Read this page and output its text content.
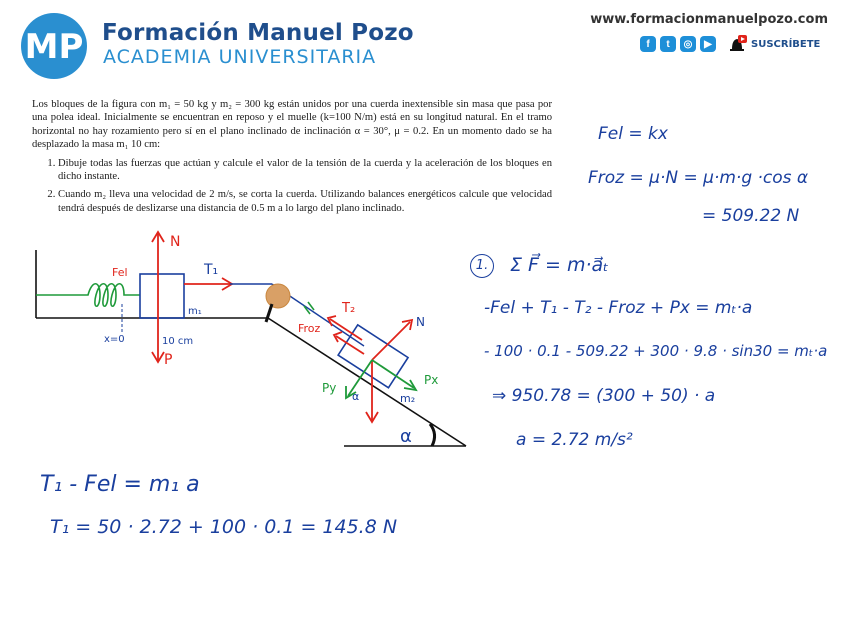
MP Formación Manuel Pozo
ACADEMIA UNIVERSITARIA
www.formacionmanuelpozo.com
f	t	◎	▶	SUSCRÍBETE

Los bloques de la figura con m₁ = 50 kg y m₂ = 300 kg están unidos por una cuerda inextensible sin masa que pasa por una polea ideal. Inicialmente se encuentran en reposo y el muelle (k=100 N/m) está en su longitud natural. En el tramo horizontal no hay rozamiento pero sí en el plano inclinado de inclinación α = 30°, μ = 0.2. En un momento dado se ha desplazado la masa m₁ 10 cm:

1. Dibuje todas las fuerzas que actúan y calcule el valor de la tensión de la cuerda y la aceleración de los bloques en dicho instante.
2. Cuando m₂ lleva una velocidad de 2 m/s, se corta la cuerda. Utilizando balances energéticos calcule que velocidad tendrá después de deslizarse una distancia de 0.5 m a lo largo del plano inclinado.
N
P
Fel	T₁
m₁
x=0	10 cm
T₂
Froz	N
Px
Py
α	m₂
α
Fel = kx
Froz = μ·N = μ·m·g ·cos α
= 509.22 N
1.	Σ F⃗ = m·a⃗ₜ
-Fel + T₁ - T₂ - Froz + Px = mₜ·a
- 100 · 0.1 - 509.22 + 300 · 9.8 · sin30 = mₜ·a
⇒ 950.78 = (300 + 50) · a
a = 2.72 m/s²
T₁ - Fel = m₁ a
T₁ = 50 · 2.72 + 100 · 0.1 = 145.8 N
